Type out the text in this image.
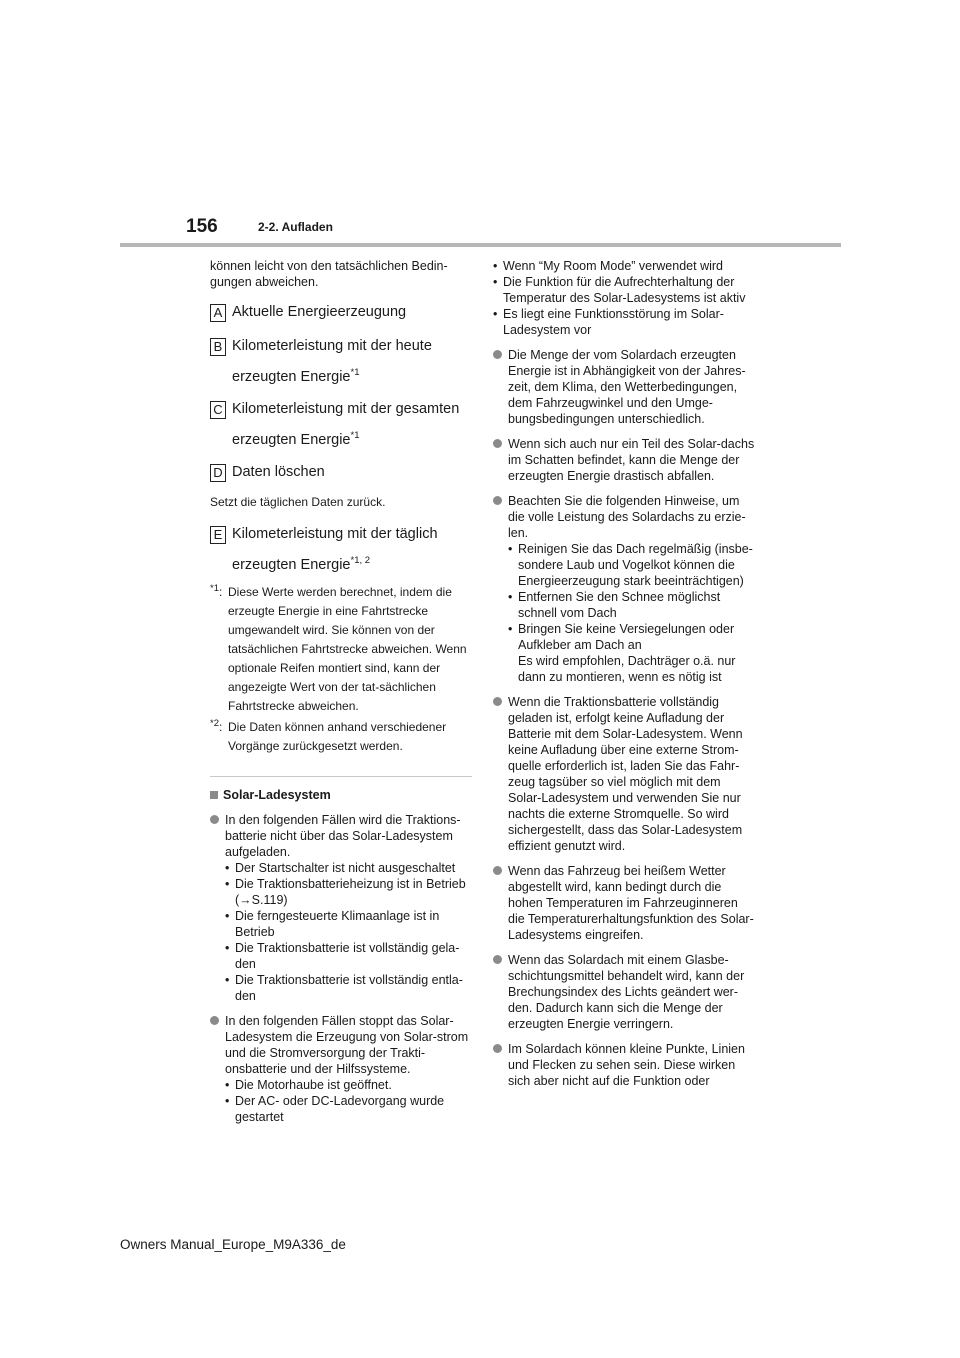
156	2-2. Aufladen

können leicht von den tatsächlichen Bedin-gungen abweichen.

A Aktuelle Energieerzeugung
B Kilometerleistung mit der heute
erzeugten Energie$^{*1}$
C Kilometerleistung mit der gesamten
erzeugten Energie$^{*1}$
D Daten löschen

Setzt die täglichen Daten zurück.

E Kilometerleistung mit der täglich
erzeugten Energie$^{*1, 2}$
$^{*1}$: Diese Werte werden berechnet, indem die erzeugte Energie in eine Fahrtstrecke umgewandelt wird. Sie können von der tatsächlichen Fahrtstrecke abweichen. Wenn optionale Reifen montiert sind, kann der angezeigte Wert von der tat-sächlichen Fahrtstrecke abweichen.
$^{*2}$: Die Daten können anhand verschiedener Vorgänge zurückgesetzt werden.
Solar-Ladesystem

In den folgenden Fällen wird die Traktions-batterie nicht über das Solar-Ladesystem aufgeladen.

• Der Startschalter ist nicht ausgeschaltet
• Die Traktionsbatterieheizung ist in Betrieb (→S.119)
• Die ferngesteuerte Klimaanlage ist in Betrieb
• Die Traktionsbatterie ist vollständig gela-den
• Die Traktionsbatterie ist vollständig entla-den

In den folgenden Fällen stoppt das Solar-Ladesystem die Erzeugung von Solar-strom und die Stromversorgung der Trakti-onsbatterie und der Hilfssysteme.

• Die Motorhaube ist geöffnet.
• Der AC- oder DC-Ladevorgang wurde gestartet
• Wenn “My Room Mode” verwendet wird
• Die Funktion für die Aufrechterhaltung der Temperatur des Solar-Ladesystems ist aktiv
• Es liegt eine Funktionsstörung im Solar-Ladesystem vor

Die Menge der vom Solardach erzeugten Energie ist in Abhängigkeit von der Jahres-zeit, dem Klima, den Wetterbedingungen, dem Fahrzeugwinkel und den Umge-bungsbedingungen unterschiedlich.

Wenn sich auch nur ein Teil des Solar-dachs im Schatten befindet, kann die Menge der erzeugten Energie drastisch abfallen.

Beachten Sie die folgenden Hinweise, um die volle Leistung des Solardachs zu erzie-len.

• Reinigen Sie das Dach regelmäßig (insbe-sondere Laub und Vogelkot können die Energieerzeugung stark beeinträchtigen)
• Entfernen Sie den Schnee möglichst schnell vom Dach
• Bringen Sie keine Versiegelungen oder Aufkleber am Dach an

Es wird empfohlen, Dachträger o.ä. nur dann zu montieren, wenn es nötig ist

Wenn die Traktionsbatterie vollständig geladen ist, erfolgt keine Aufladung der Batterie mit dem Solar-Ladesystem. Wenn keine Aufladung über eine externe Strom-quelle erforderlich ist, laden Sie das Fahr-zeug tagsüber so viel möglich mit dem Solar-Ladesystem und verwenden Sie nur nachts die externe Stromquelle. So wird sichergestellt, dass das Solar-Ladesystem effizient genutzt wird.

Wenn das Fahrzeug bei heißem Wetter abgestellt wird, kann bedingt durch die hohen Temperaturen im Fahrzeuginneren die Temperaturerhaltungsfunktion des Solar-Ladesystems eingreifen.

Wenn das Solardach mit einem Glasbe-schichtungsmittel behandelt wird, kann der Brechungsindex des Lichts geändert wer-den. Dadurch kann sich die Menge der erzeugten Energie verringern.

Im Solardach können kleine Punkte, Linien und Flecken zu sehen sein. Diese wirken sich aber nicht auf die Funktion oder

Owners Manual_Europe_M9A336_de
